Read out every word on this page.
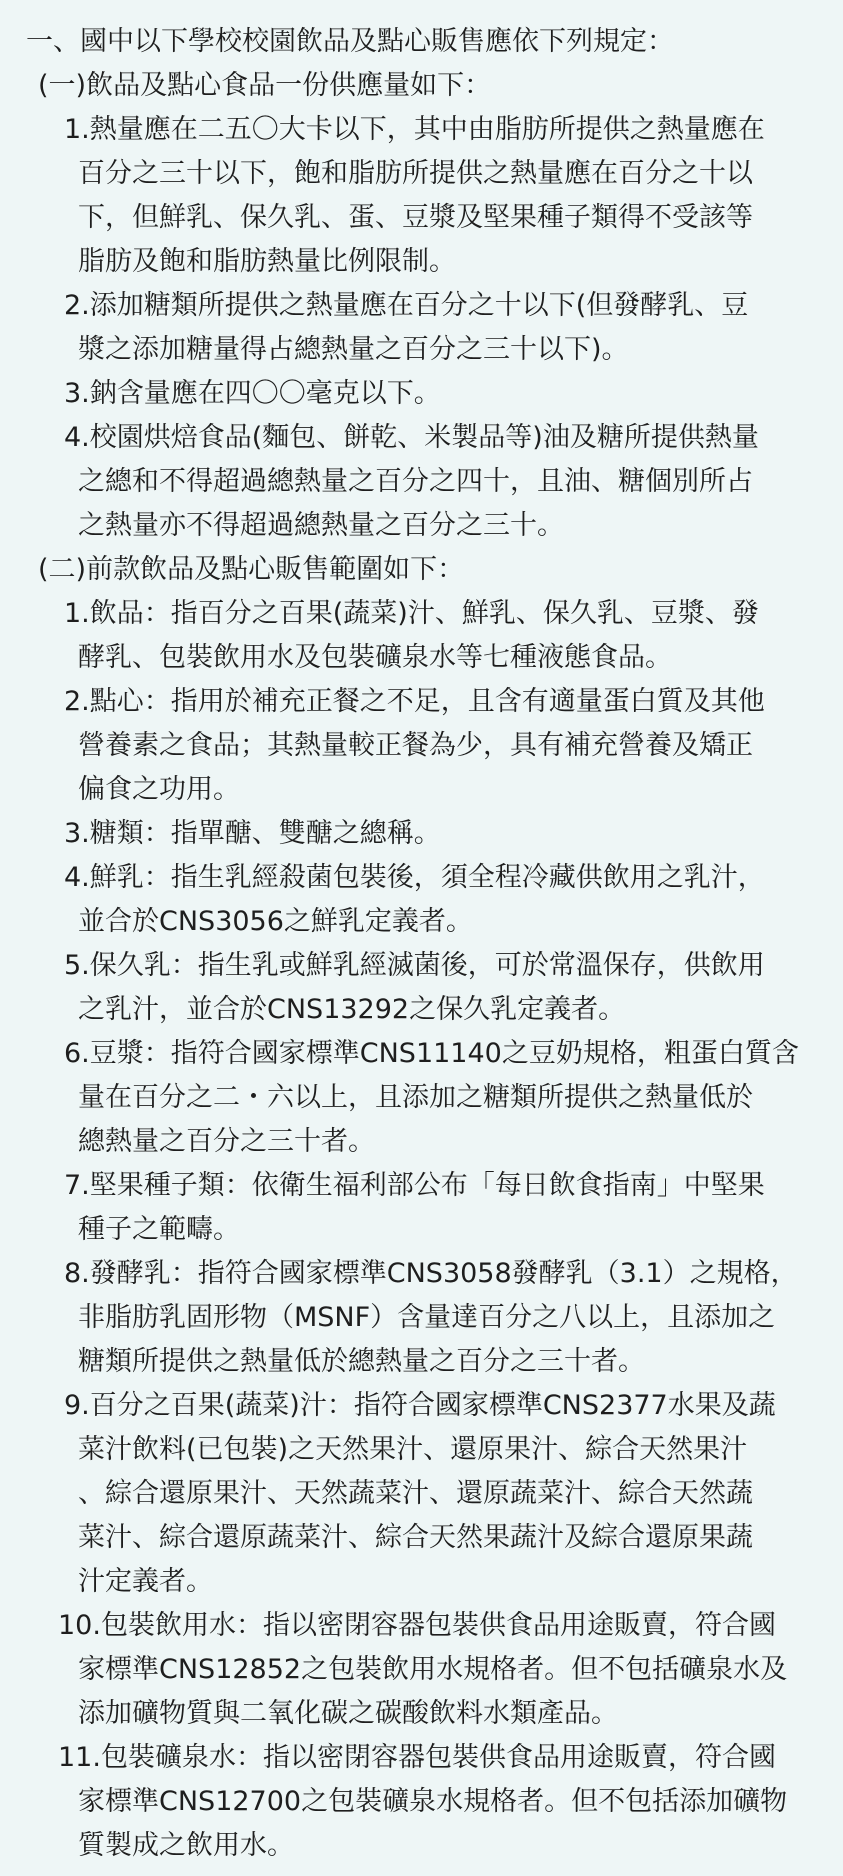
一、國中以下學校校園飲品及點心販售應依下列規定：
(一)飲品及點心食品一份供應量如下：
1.熱量應在二五〇大卡以下，其中由脂肪所提供之熱量應在
百分之三十以下，飽和脂肪所提供之熱量應在百分之十以
下，但鮮乳、保久乳、蛋、豆漿及堅果種子類得不受該等
脂肪及飽和脂肪熱量比例限制。
2.添加糖類所提供之熱量應在百分之十以下(但發酵乳、豆
漿之添加糖量得占總熱量之百分之三十以下)。
3.鈉含量應在四〇〇毫克以下。
4.校園烘焙食品(麵包、餅乾、米製品等)油及糖所提供熱量
之總和不得超過總熱量之百分之四十，且油、糖個別所占
之熱量亦不得超過總熱量之百分之三十。
(二)前款飲品及點心販售範圍如下：
1.飲品：指百分之百果(蔬菜)汁、鮮乳、保久乳、豆漿、發
酵乳、包裝飲用水及包裝礦泉水等七種液態食品。
2.點心：指用於補充正餐之不足，且含有適量蛋白質及其他
營養素之食品；其熱量較正餐為少，具有補充營養及矯正
偏食之功用。
3.糖類：指單醣、雙醣之總稱。
4.鮮乳：指生乳經殺菌包裝後，須全程冷藏供飲用之乳汁，
並合於CNS3056之鮮乳定義者。
5.保久乳：指生乳或鮮乳經滅菌後，可於常溫保存，供飲用
之乳汁，並合於CNS13292之保久乳定義者。
6.豆漿：指符合國家標準CNS11140之豆奶規格，粗蛋白質含
量在百分之二・六以上，且添加之糖類所提供之熱量低於
總熱量之百分之三十者。
7.堅果種子類：依衛生福利部公布「每日飲食指南」中堅果
種子之範疇。
8.發酵乳：指符合國家標準CNS3058發酵乳（3.1）之規格，
非脂肪乳固形物（MSNF）含量達百分之八以上，且添加之
糖類所提供之熱量低於總熱量之百分之三十者。
9.百分之百果(蔬菜)汁：指符合國家標準CNS2377水果及蔬
菜汁飲料(已包裝)之天然果汁、還原果汁、綜合天然果汁
、綜合還原果汁、天然蔬菜汁、還原蔬菜汁、綜合天然蔬
菜汁、綜合還原蔬菜汁、綜合天然果蔬汁及綜合還原果蔬
汁定義者。
10.包裝飲用水：指以密閉容器包裝供食品用途販賣，符合國
家標準CNS12852之包裝飲用水規格者。但不包括礦泉水及
添加礦物質與二氧化碳之碳酸飲料水類產品。
11.包裝礦泉水：指以密閉容器包裝供食品用途販賣，符合國
家標準CNS12700之包裝礦泉水規格者。但不包括添加礦物
質製成之飲用水。
